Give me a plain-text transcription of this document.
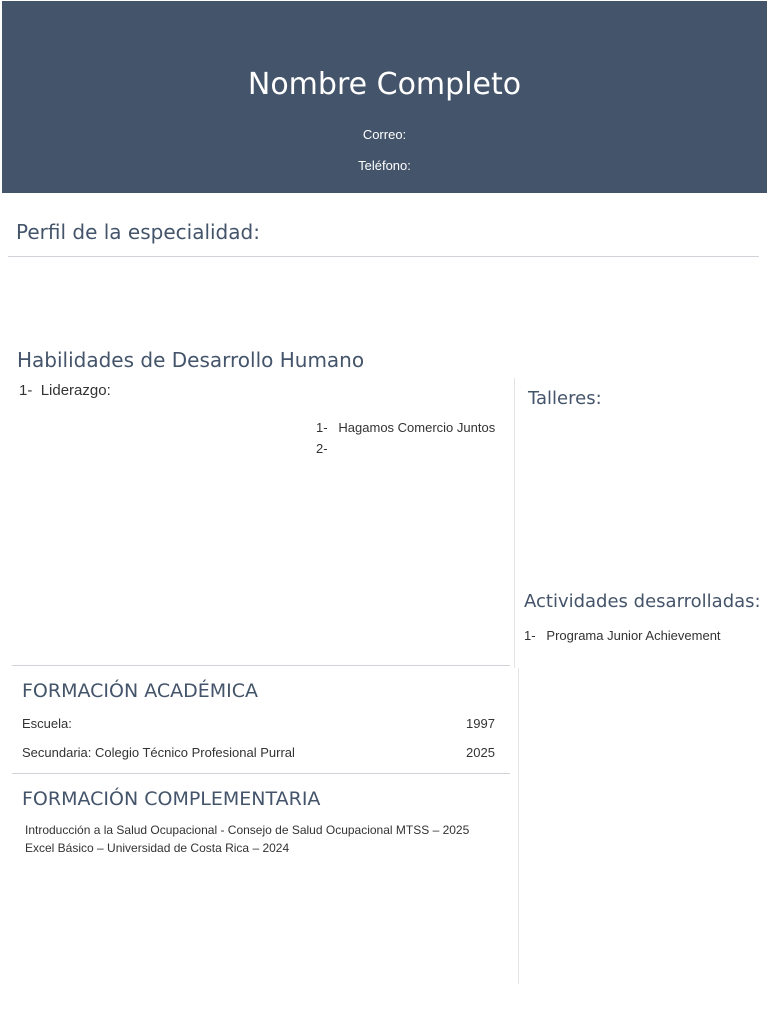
Nombre Completo
Correo:
Teléfono:
Perfil de la especialidad:
Habilidades de Desarrollo Humano
1- Liderazgo:
1- Hagamos Comercio Juntos
2-
Talleres:
Actividades desarrolladas:
1- Programa Junior Achievement
FORMACIÓN ACADÉMICA
Escuela:	1997
Secundaria: Colegio Técnico Profesional Purral	2025
FORMACIÓN COMPLEMENTARIA
Introducción a la Salud Ocupacional - Consejo de Salud Ocupacional MTSS – 2025
Excel Básico – Universidad de Costa Rica – 2024
